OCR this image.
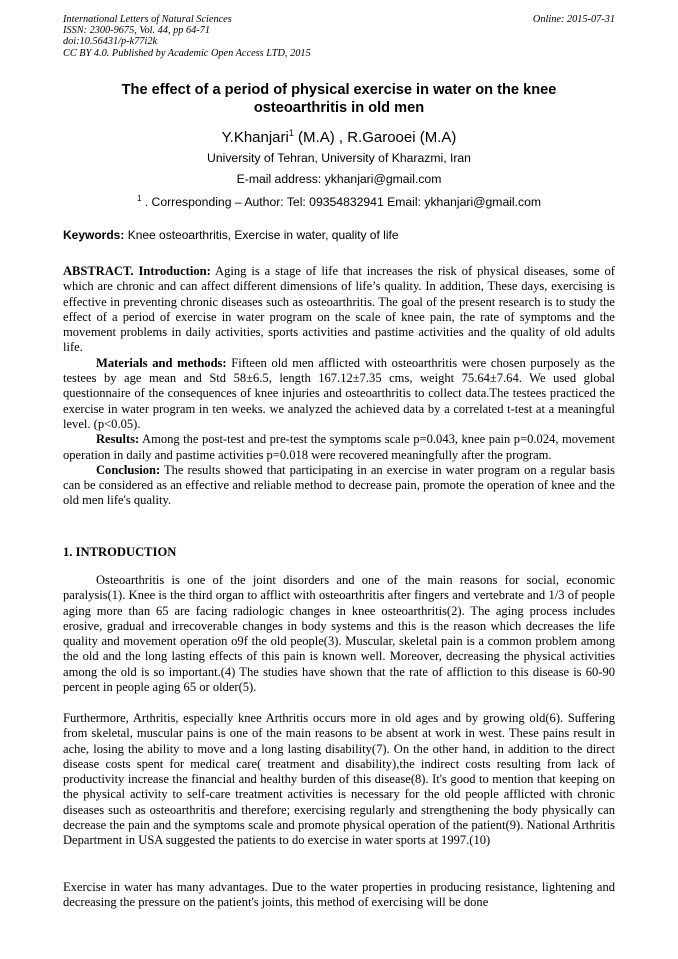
International Letters of Natural Sciences
ISSN: 2300-9675, Vol. 44, pp 64-71
doi:10.56431/p-k77i2k
CC BY 4.0. Published by Academic Open Access LTD, 2015
Online: 2015-07-31
The effect of a period of physical exercise in water on the knee
osteoarthritis in old men
Y.Khanjari$^1$ (M.A) , R.Garooei (M.A)
University of Tehran, University of Kharazmi, Iran
E-mail address: ykhanjari@gmail.com
$^1$ . Corresponding – Author: Tel: 09354832941 Email: ykhanjari@gmail.com
Keywords: Knee osteoarthritis, Exercise in water, quality of life

ABSTRACT. Introduction: Aging is a stage of life that increases the risk of physical diseases, some of which are chronic and can affect different dimensions of life’s quality. In addition, These days, exercising is effective in preventing chronic diseases such as osteoarthritis. The goal of the present research is to study the effect of a period of exercise in water program on the scale of knee pain, the rate of symptoms and the movement problems in daily activities, sports activities and pastime activities and the quality of old adults life.

Materials and methods: Fifteen old men afflicted with osteoarthritis were chosen purposely as the testees by age mean and Std 58±6.5, length 167.12±7.35 cms, weight 75.64±7.64. We used global questionnaire of the consequences of knee injuries and osteoarthritis to collect data.The testees practiced the exercise in water program in ten weeks. we analyzed the achieved data by a correlated t-test at a meaningful level. (p<0.05).

Results: Among the post-test and pre-test the symptoms scale p=0.043, knee pain p=0.024, movement operation in daily and pastime activities p=0.018 were recovered meaningfully after the program.

Conclusion: The results showed that participating in an exercise in water program on a regular basis can be considered as an effective and reliable method to decrease pain, promote the operation of knee and the old men life's quality.

1. INTRODUCTION

Osteoarthritis is one of the joint disorders and one of the main reasons for social, economic paralysis(1). Knee is the third organ to afflict with osteoarthritis after fingers and vertebrate and 1/3 of people aging more than 65 are facing radiologic changes in knee osteoarthritis(2). The aging process includes erosive, gradual and irrecoverable changes in body systems and this is the reason which decreases the life quality and movement operation o9f the old people(3). Muscular, skeletal pain is a common problem among the old and the long lasting effects of this pain is known well. Moreover, decreasing the physical activities among the old is so important.(4) The studies have shown that the rate of affliction to this disease is 60-90 percent in people aging 65 or older(5).

Furthermore, Arthritis, especially knee Arthritis occurs more in old ages and by growing old(6). Suffering from skeletal, muscular pains is one of the main reasons to be absent at work in west. These pains result in ache, losing the ability to move and a long lasting disability(7). On the other hand, in addition to the direct disease costs spent for medical care( treatment and disability),the indirect costs resulting from lack of productivity increase the financial and healthy burden of this disease(8). It's good to mention that keeping on the physical activity to self-care treatment activities is necessary for the old people afflicted with chronic diseases such as osteoarthritis and therefore; exercising regularly and strengthening the body physically can decrease the pain and the symptoms scale and promote physical operation of the patient(9). National Arthritis Department in USA suggested the patients to do exercise in water sports at 1997.(10)

Exercise in water has many advantages. Due to the water properties in producing resistance, lightening and decreasing the pressure on the patient's joints, this method of exercising will be done
